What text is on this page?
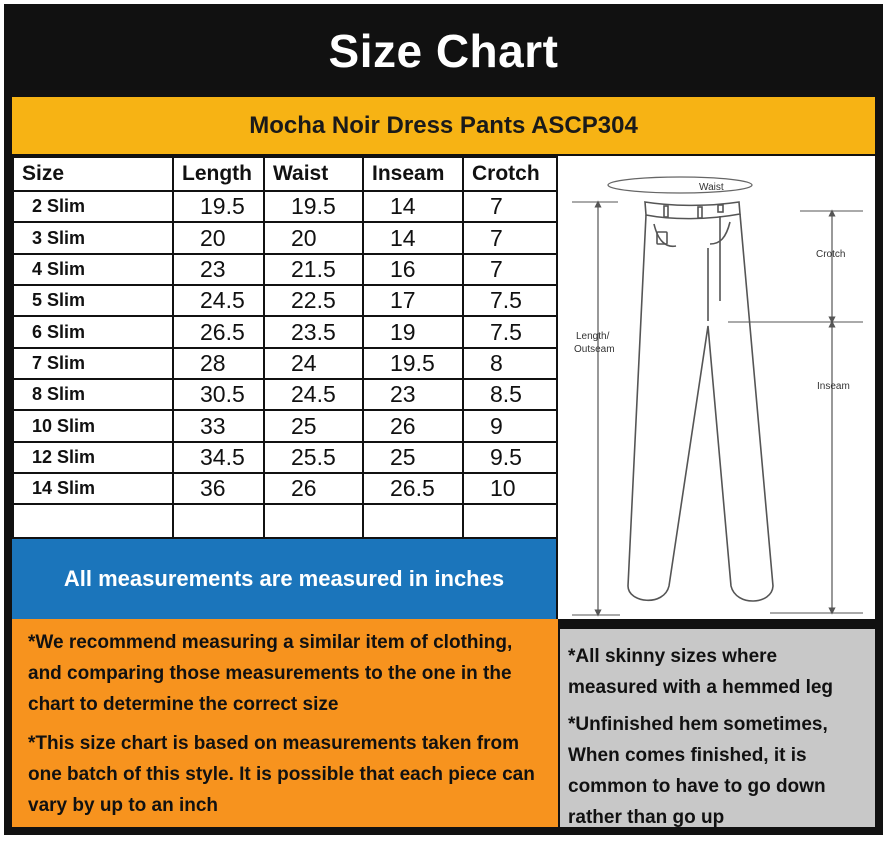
Size Chart
Mocha Noir Dress Pants ASCP304
Size	Length	Waist	Inseam	Crotch
2 Slim	19.5	19.5	14	7
3 Slim	20	20	14	7
4 Slim	23	21.5	16	7
5 Slim	24.5	22.5	17	7.5
6 Slim	26.5	23.5	19	7.5
7 Slim	28	24	19.5	8
8 Slim	30.5	24.5	23	8.5
10 Slim	33	25	26	9
12 Slim	34.5	25.5	25	9.5
14 Slim	36	26	26.5	10

Waist
Length/
Outseam
Crotch
Inseam
All measurements are measured in inches

*We recommend measuring a similar item of clothing, and comparing those measurements to the one in the chart to determine the correct size

*This size chart is based on measurements taken from one batch of this style. It is possible that each piece can vary by up to an inch

*All skinny sizes where measured with a hemmed leg

*Unfinished hem sometimes, When comes finished, it is common to have to go down rather than go up
